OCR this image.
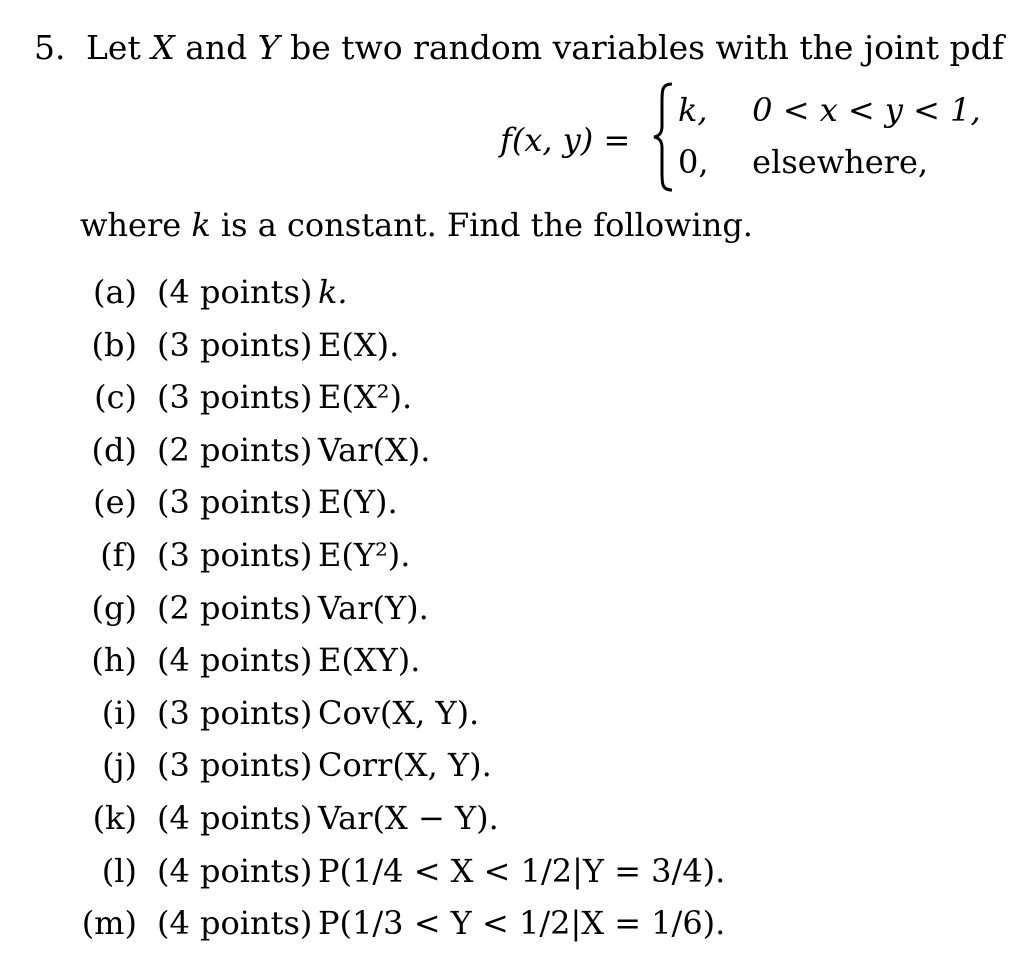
5. Let X and Y be two random variables with the joint pdf
f(x, y) =
k, 0 < x < y < 1,
0, elsewhere,
where k is a constant. Find the following.
(a) (4 points) k.
(b) (3 points) E(X).
(c) (3 points) E(X²).
(d) (2 points) Var(X).
(e) (3 points) E(Y).
(f) (3 points) E(Y²).
(g) (2 points) Var(Y).
(h) (4 points) E(XY).
(i) (3 points) Cov(X, Y).
(j) (3 points) Corr(X, Y).
(k) (4 points) Var(X − Y).
(l) (4 points) P(1/4 < X < 1/2|Y = 3/4).
(m) (4 points) P(1/3 < Y < 1/2|X = 1/6).
